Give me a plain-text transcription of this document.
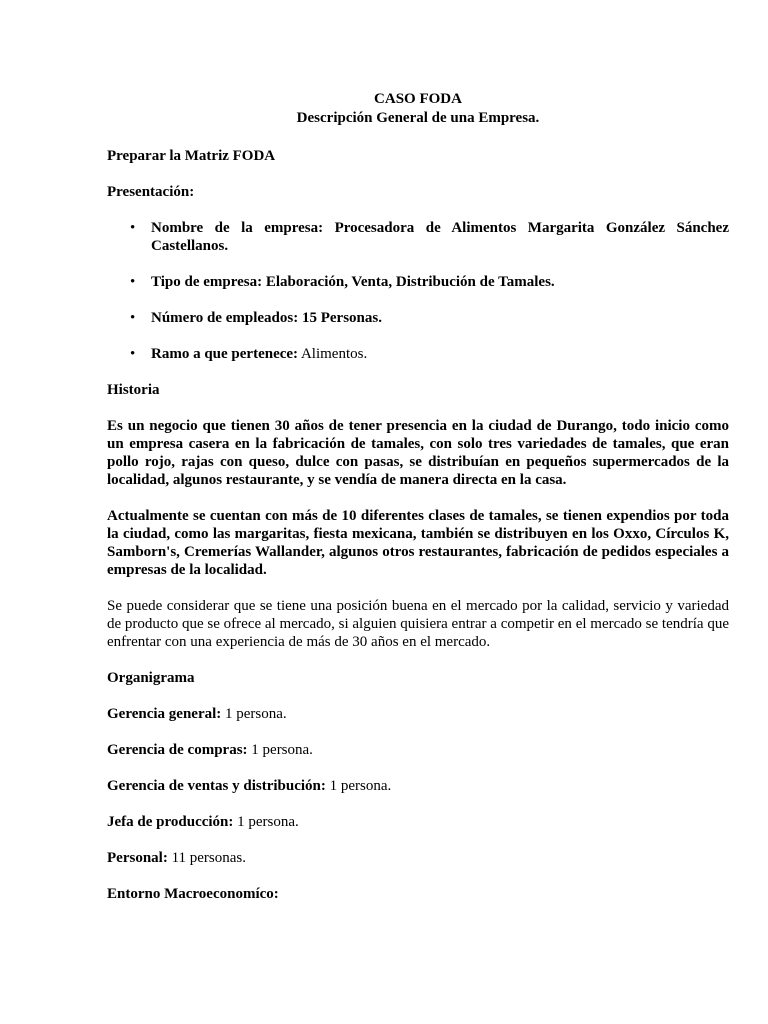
CASO FODA
Descripción General de una Empresa.

Preparar la Matriz FODA

Presentación:

• Nombre de la empresa: Procesadora de Alimentos Margarita González Sánchez Castellanos.
• Tipo de empresa: Elaboración, Venta, Distribución de Tamales.
• Número de empleados: 15 Personas.
• Ramo a que pertenece: Alimentos.

Historia

Es un negocio que tienen 30 años de tener presencia en la ciudad de Durango, todo inicio como un empresa casera en la fabricación de tamales, con solo tres variedades de tamales, que eran pollo rojo, rajas con queso, dulce con pasas, se distribuían en pequeños supermercados de la localidad, algunos restaurante, y se vendía de manera directa en la casa.

Actualmente se cuentan con más de 10 diferentes clases de tamales, se tienen expendios por toda la ciudad, como las margaritas, fiesta mexicana, también se distribuyen en los Oxxo, Círculos K, Samborn's, Cremerías Wallander, algunos otros restaurantes, fabricación de pedidos especiales a empresas de la localidad.

Se puede considerar que se tiene una posición buena en el mercado por la calidad, servicio y variedad de producto que se ofrece al mercado, si alguien quisiera entrar a competir en el mercado se tendría que enfrentar con una experiencia de más de 30 años en el mercado.

Organigrama

Gerencia general: 1 persona.

Gerencia de compras: 1 persona.

Gerencia de ventas y distribución: 1 persona.

Jefa de producción: 1 persona.

Personal: 11 personas.

Entorno Macroeconomíco:
